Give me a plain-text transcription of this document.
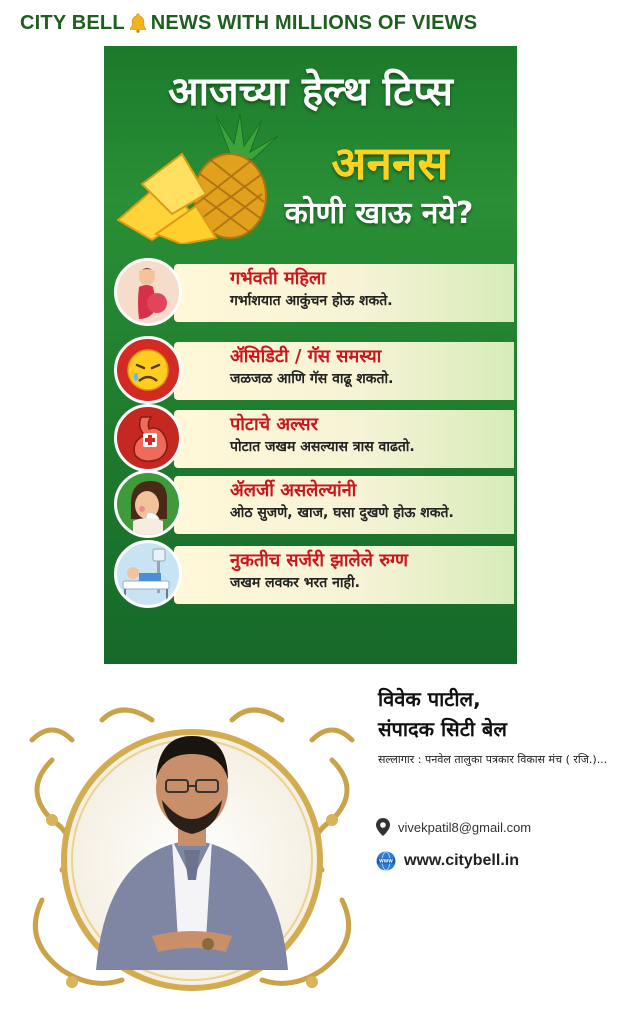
CITY BELL NEWS WITH MILLIONS OF VIEWS
आजच्या हेल्थ टिप्स
अननस
कोणी खाऊ नये?
गर्भवती महिला
गर्भाशयात आकुंचन होऊ शकते.
ॲसिडिटी / गॅस समस्या
जळजळ आणि गॅस वाढू शकतो.
पोटाचे अल्सर
पोटात जखम असल्यास त्रास वाढतो.
ॲलर्जी असलेल्यांनी
ओठ सुजणे, खाज, घसा दुखणे होऊ शकते.
नुकतीच सर्जरी झालेले रुग्ण
जखम लवकर भरत नाही.
विवेक पाटील,
संपादक सिटी बेल
सल्लागार : पनवेल तालुका पत्रकार विकास मंच ( रजि.)...
vivekpatil8@gmail.com
WWW www.citybell.in
